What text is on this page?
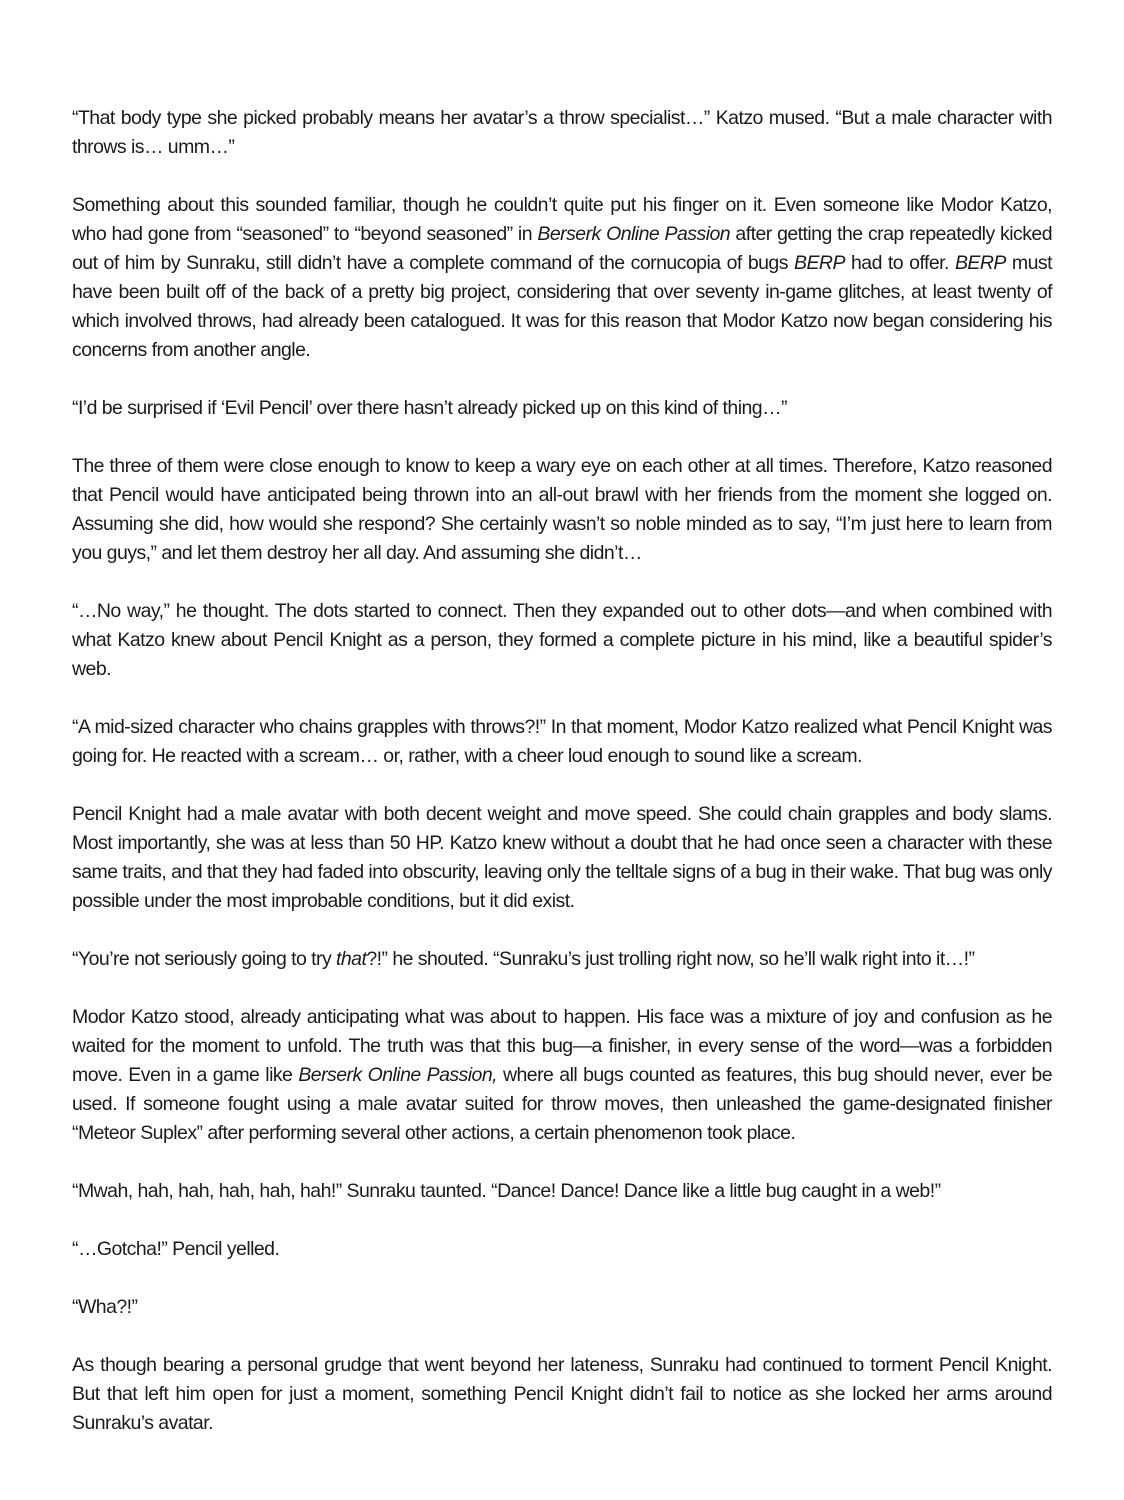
“That body type she picked probably means her avatar’s a throw specialist…” Katzo mused. “But a male character with throws is… umm…”

Something about this sounded familiar, though he couldn’t quite put his finger on it. Even someone like Modor Katzo, who had gone from “seasoned” to “beyond seasoned” in Berserk Online Passion after getting the crap repeatedly kicked out of him by Sunraku, still didn’t have a complete command of the cornucopia of bugs BERP had to offer. BERP must have been built off of the back of a pretty big project, considering that over seventy in-game glitches, at least twenty of which involved throws, had already been catalogued. It was for this reason that Modor Katzo now began considering his concerns from another angle.

“I’d be surprised if ‘Evil Pencil’ over there hasn’t already picked up on this kind of thing…”

The three of them were close enough to know to keep a wary eye on each other at all times. Therefore, Katzo reasoned that Pencil would have anticipated being thrown into an all-out brawl with her friends from the moment she logged on. Assuming she did, how would she respond? She certainly wasn’t so noble minded as to say, “I’m just here to learn from you guys,” and let them destroy her all day. And assuming she didn’t…

“…No way,” he thought. The dots started to connect. Then they expanded out to other dots—and when combined with what Katzo knew about Pencil Knight as a person, they formed a complete picture in his mind, like a beautiful spider’s web.

“A mid-sized character who chains grapples with throws?!” In that moment, Modor Katzo realized what Pencil Knight was going for. He reacted with a scream… or, rather, with a cheer loud enough to sound like a scream.

Pencil Knight had a male avatar with both decent weight and move speed. She could chain grapples and body slams. Most importantly, she was at less than 50 HP. Katzo knew without a doubt that he had once seen a character with these same traits, and that they had faded into obscurity, leaving only the telltale signs of a bug in their wake. That bug was only possible under the most improbable conditions, but it did exist.

“You’re not seriously going to try that?!” he shouted. “Sunraku’s just trolling right now, so he’ll walk right into it…!”

Modor Katzo stood, already anticipating what was about to happen. His face was a mixture of joy and confusion as he waited for the moment to unfold. The truth was that this bug—a finisher, in every sense of the word—was a forbidden move. Even in a game like Berserk Online Passion, where all bugs counted as features, this bug should never, ever be used. If someone fought using a male avatar suited for throw moves, then unleashed the game-designated finisher “Meteor Suplex” after performing several other actions, a certain phenomenon took place.

“Mwah, hah, hah, hah, hah, hah!” Sunraku taunted. “Dance! Dance! Dance like a little bug caught in a web!”

“…Gotcha!” Pencil yelled.

“Wha?!”

As though bearing a personal grudge that went beyond her lateness, Sunraku had continued to torment Pencil Knight. But that left him open for just a moment, something Pencil Knight didn’t fail to notice as she locked her arms around Sunraku’s avatar.
